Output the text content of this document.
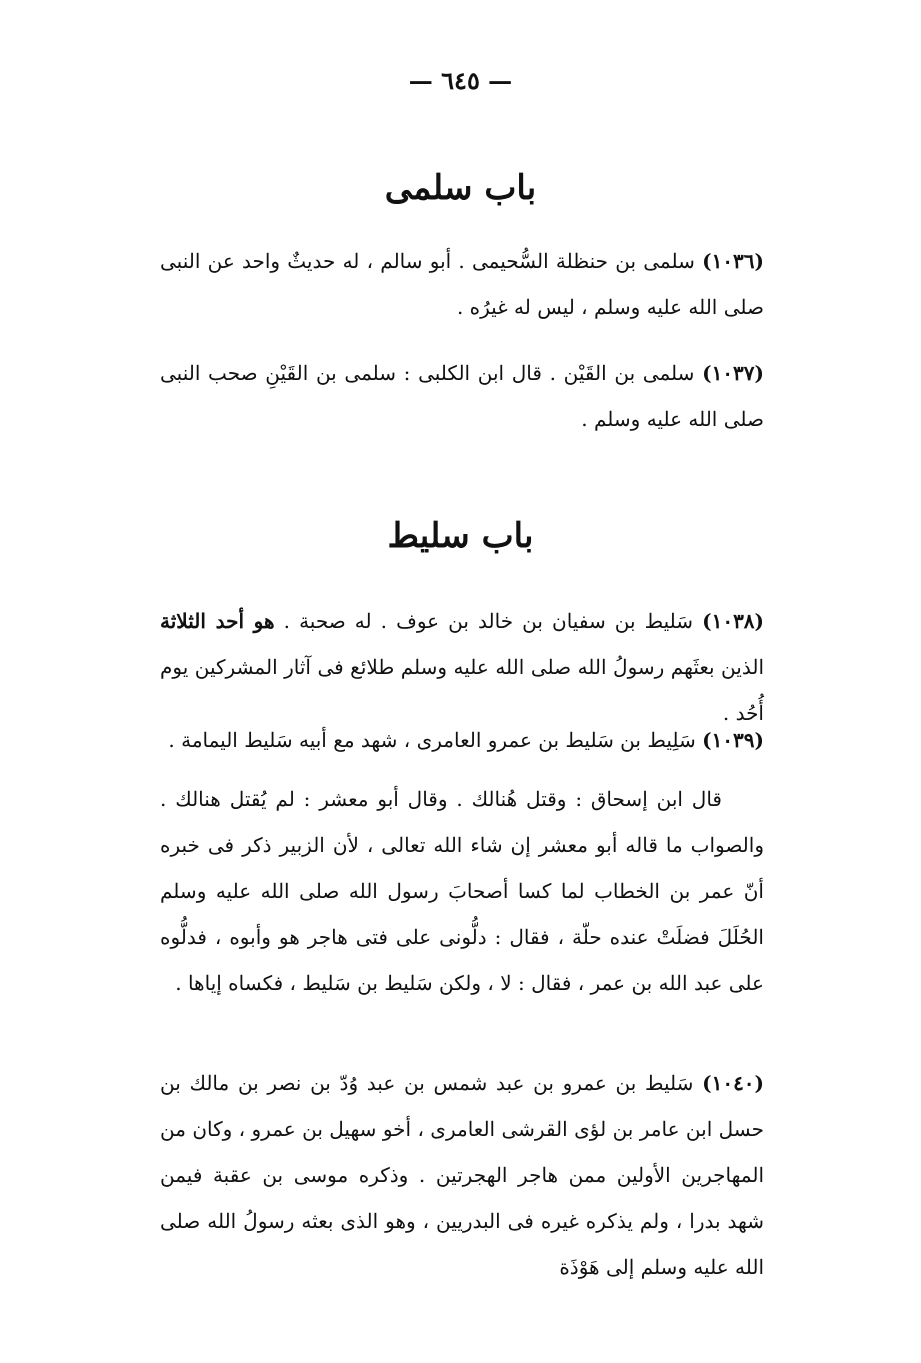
— ٦٤٥ —
باب سلمى
(١٠٣٦) سلمى بن حنظلة السُّحيمى . أبو سالم ، له حديثٌ واحد عن النبى صلى الله عليه وسلم ، ليس له غيرُه .
(١٠٣٧) سلمى بن القَيْن . قال ابن الكلبى : سلمى بن القَيْنِ صحب النبى صلى الله عليه وسلم .
باب سليط
(١٠٣٨) سَليط بن سفيان بن خالد بن عوف . له صحبة . هو أحد الثلاثة الذين بعثَهم رسولُ الله صلى الله عليه وسلم طلائع فى آثار المشركين يوم أُحُد .
(١٠٣٩) سَلِيط بن سَليط بن عمرو العامرى ، شهد مع أبيه سَليط اليمامة .
قال ابن إسحاق : وقتل هُنالك . وقال أبو معشر : لم يُقتل هنالك . والصواب ما قاله أبو معشر إن شاء الله تعالى ، لأن الزبير ذكر فى خبره أنّ عمر بن الخطاب لما كسا أصحابَ رسول الله صلى الله عليه وسلم الحُلَلَ فضلَتْ عنده حلّة ، فقال : دلُّونى على فتى هاجر هو وأبوه ، فدلُّوه على عبد الله بن عمر ، فقال : لا ، ولكن سَليط بن سَليط ، فكساه إياها .
(١٠٤٠) سَليط بن عمرو بن عبد شمس بن عبد وُدّ بن نصر بن مالك بن حسل ابن عامر بن لؤى القرشى العامرى ، أخو سهيل بن عمرو ، وكان من المهاجرين الأولين ممن هاجر الهجرتين . وذكره موسى بن عقبة فيمن شهد بدرا ، ولم يذكره غيره فى البدريين ، وهو الذى بعثه رسولُ الله صلى الله عليه وسلم إلى هَوْذَة
